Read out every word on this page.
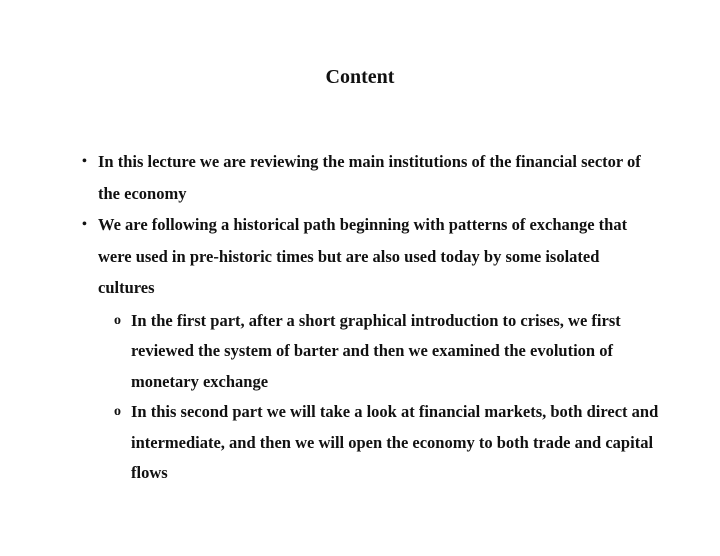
Content
• In this lecture we are reviewing the main institutions of the financial sector of the economy
• We are following a historical path beginning with patterns of exchange that were used in pre-historic times but are also used today by some isolated cultures
o In the first part, after a short graphical introduction to crises, we first reviewed the system of barter and then we examined the evolution of monetary exchange
o In this second part we will take a look at financial markets, both direct and intermediate, and then we will open the economy to both trade and capital flows
